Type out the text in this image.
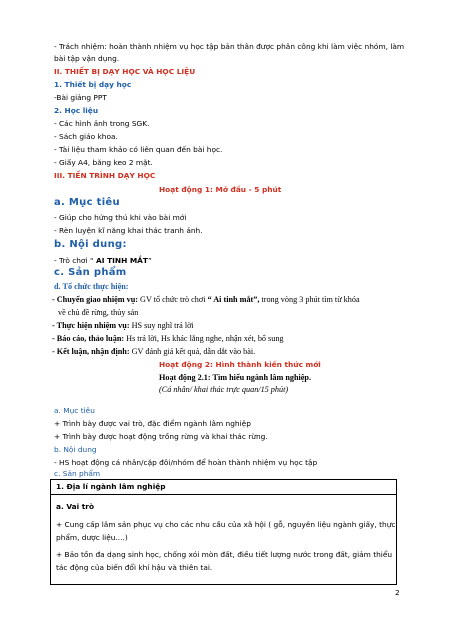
- Trách nhiệm: hoàn thành nhiệm vụ học tập bản thân được phân công khi làm việc nhóm, làm
bài tập vận dụng.
II. THIẾT BỊ DẠY HỌC VÀ HỌC LIỆU
1. Thiết bị dạy học
-Bài giảng PPT
2. Học liệu
- Các hình ảnh trong SGK.
- Sách giáo khoa.
- Tài liệu tham khảo có liên quan đến bài học.
- Giấy A4, băng keo 2 mặt.
III. TIẾN TRÌNH DẠY HỌC
Hoạt động 1: Mở đầu - 5 phút
a. Mục tiêu
- Giúp cho hứng thú khi vào bài mới
- Rèn luyện kĩ năng khai thác tranh ảnh.
b. Nội dung:
- Trò chơi “ AI TINH MẮT”
c. Sản phẩm
d. Tổ chức thực hiện:
- Chuyển giao nhiệm vụ: GV tổ chức trò chơi “ Ai tinh mắt”, trong vòng 3 phút tìm từ khóa
về chủ đề rừng, thủy sản
- Thực hiện nhiệm vụ: HS suy nghĩ trả lời
- Báo cáo, thảo luận: Hs trả lời, Hs khác lắng nghe, nhận xét, bổ sung
- Kết luận, nhận định: GV đánh giá kết quả, dẫn dắt vào bài.
Hoạt động 2: Hình thành kiến thức mới
Hoạt động 2.1: Tìm hiểu ngành lâm nghiệp.
(Cá nhân/ khai thác trực quan/15 phút)
a. Mục tiêu
+ Trình bày được vai trò, đặc điểm ngành lâm nghiệp
+ Trình bày được hoạt động trồng rừng và khai thác rừng.
b. Nội dung
- HS hoạt động cá nhân/cặp đôi/nhóm để hoàn thành nhiệm vụ học tập
c. Sản phẩm
1. Địa lí ngành lâm nghiệp
a. Vai trò
+ Cung cấp lâm sản phục vụ cho các nhu cầu của xã hội ( gỗ, nguyên liệu ngành giấy, thực
phẩm, dược liệu....)
+ Bảo tồn đa dạng sinh học, chống xói mòn đất, điều tiết lượng nước trong đất, giảm thiểu
tác động của biến đổi khí hậu và thiên tai.
2
